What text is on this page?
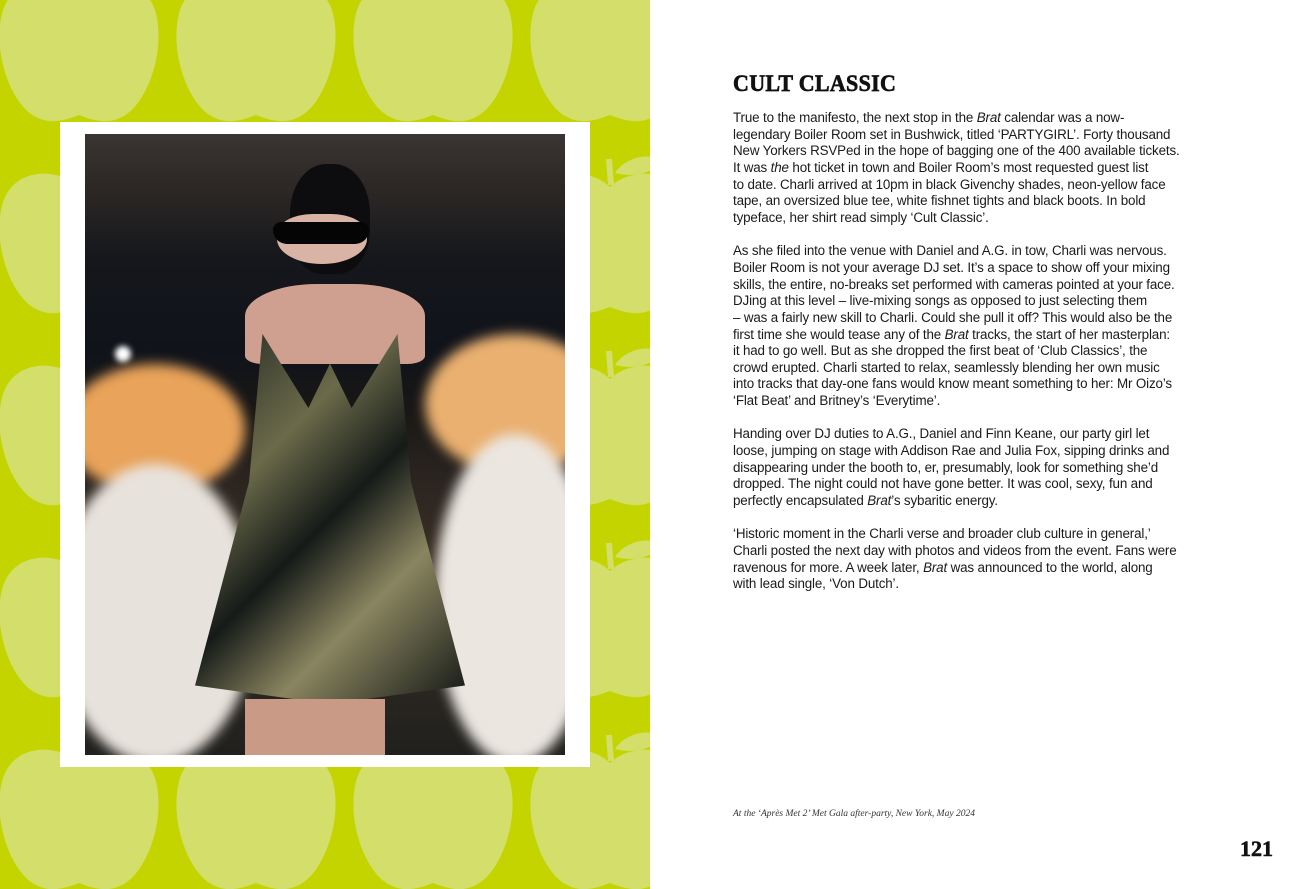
CULT CLASSIC

True to the manifesto, the next stop in the Brat calendar was a now-
legendary Boiler Room set in Bushwick, titled ‘PARTYGIRL’. Forty thousand
New Yorkers RSVPed in the hope of bagging one of the 400 available tickets.
It was the hot ticket in town and Boiler Room’s most requested guest list
to date. Charli arrived at 10pm in black Givenchy shades, neon-yellow face
tape, an oversized blue tee, white fishnet tights and black boots. In bold
typeface, her shirt read simply ‘Cult Classic’.

As she filed into the venue with Daniel and A.G. in tow, Charli was nervous.
Boiler Room is not your average DJ set. It’s a space to show off your mixing
skills, the entire, no-breaks set performed with cameras pointed at your face.
DJing at this level – live-mixing songs as opposed to just selecting them
– was a fairly new skill to Charli. Could she pull it off? This would also be the
first time she would tease any of the Brat tracks, the start of her masterplan:
it had to go well. But as she dropped the first beat of ‘Club Classics’, the
crowd erupted. Charli started to relax, seamlessly blending her own music
into tracks that day-one fans would know meant something to her: Mr Oizo’s
‘Flat Beat’ and Britney’s ‘Everytime’.

Handing over DJ duties to A.G., Daniel and Finn Keane, our party girl let
loose, jumping on stage with Addison Rae and Julia Fox, sipping drinks and
disappearing under the booth to, er, presumably, look for something she’d
dropped. The night could not have gone better. It was cool, sexy, fun and
perfectly encapsulated Brat’s sybaritic energy.

‘Historic moment in the Charli verse and broader club culture in general,’
Charli posted the next day with photos and videos from the event. Fans were
ravenous for more. A week later, Brat was announced to the world, along
with lead single, ‘Von Dutch’.

At the ‘Après Met 2’ Met Gala after-party, New York, May 2024
121
